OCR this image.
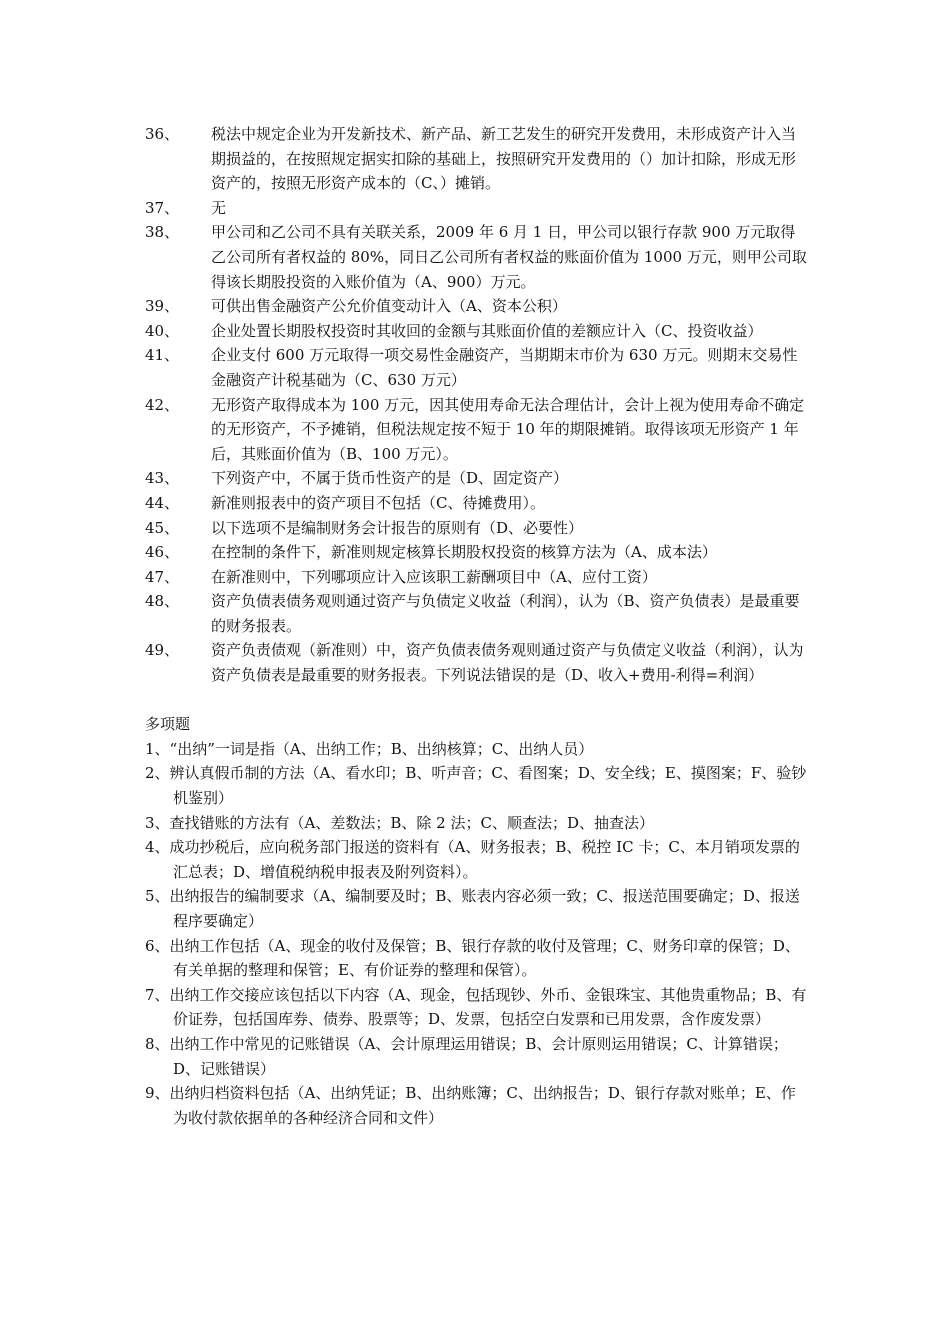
36、	税法中规定企业为开发新技术、新产品、新工艺发生的研究开发费用，未形成资产计入当期损益的，在按照规定据实扣除的基础上，按照研究开发费用的（）加计扣除，形成无形资产的，按照无形资产成本的（C、）摊销。
37、	无
38、	甲公司和乙公司不具有关联关系，2009 年 6 月 1 日，甲公司以银行存款 900 万元取得乙公司所有者权益的 80%，同日乙公司所有者权益的账面价值为 1000 万元，则甲公司取得该长期股投资的入账价值为（A、900）万元。
39、	可供出售金融资产公允价值变动计入（A、资本公积）
40、	企业处置长期股权投资时其收回的金额与其账面价值的差额应计入（C、投资收益）
41、	企业支付 600 万元取得一项交易性金融资产，当期期末市价为 630 万元。则期末交易性金融资产计税基础为（C、630 万元）
42、	无形资产取得成本为 100 万元，因其使用寿命无法合理估计，会计上视为使用寿命不确定的无形资产，不予摊销，但税法规定按不短于 10 年的期限摊销。取得该项无形资产 1 年后，其账面价值为（B、100 万元）。
43、	下列资产中，不属于货币性资产的是（D、固定资产）
44、	新准则报表中的资产项目不包括（C、待摊费用）。
45、	以下选项不是编制财务会计报告的原则有（D、必要性）
46、	在控制的条件下，新准则规定核算长期股权投资的核算方法为（A、成本法）
47、	在新准则中，下列哪项应计入应该职工薪酬项目中（A、应付工资）
48、	资产负债表债务观则通过资产与负债定义收益（利润），认为（B、资产负债表）是最重要的财务报表。
49、	资产负责债观（新准则）中，资产负债表债务观则通过资产与负债定义收益（利润），认为资产负债表是最重要的财务报表。下列说法错误的是（D、收入+费用-利得=利润）
多项题
1、“出纳”一词是指（A、出纳工作；B、出纳核算；C、出纳人员）
2、辨认真假币制的方法（A、看水印；B、听声音；C、看图案；D、安全线；E、摸图案；F、验钞机鉴别）
3、查找错账的方法有（A、差数法；B、除 2 法；C、顺查法；D、抽查法）
4、成功抄税后，应向税务部门报送的资料有（A、财务报表；B、税控 IC 卡；C、本月销项发票的汇总表；D、增值税纳税申报表及附列资料）。
5、出纳报告的编制要求（A、编制要及时；B、账表内容必须一致；C、报送范围要确定；D、报送程序要确定）
6、出纳工作包括（A、现金的收付及保管；B、银行存款的收付及管理；C、财务印章的保管；D、有关单据的整理和保管；E、有价证券的整理和保管）。
7、出纳工作交接应该包括以下内容（A、现金，包括现钞、外币、金银珠宝、其他贵重物品；B、有价证券，包括国库券、债券、股票等；D、发票，包括空白发票和已用发票，含作废发票）
8、出纳工作中常见的记账错误（A、会计原理运用错误；B、会计原则运用错误；C、计算错误；D、记账错误）
9、出纳归档资料包括（A、出纳凭证；B、出纳账簿；C、出纳报告；D、银行存款对账单；E、作为收付款依据单的各种经济合同和文件）
